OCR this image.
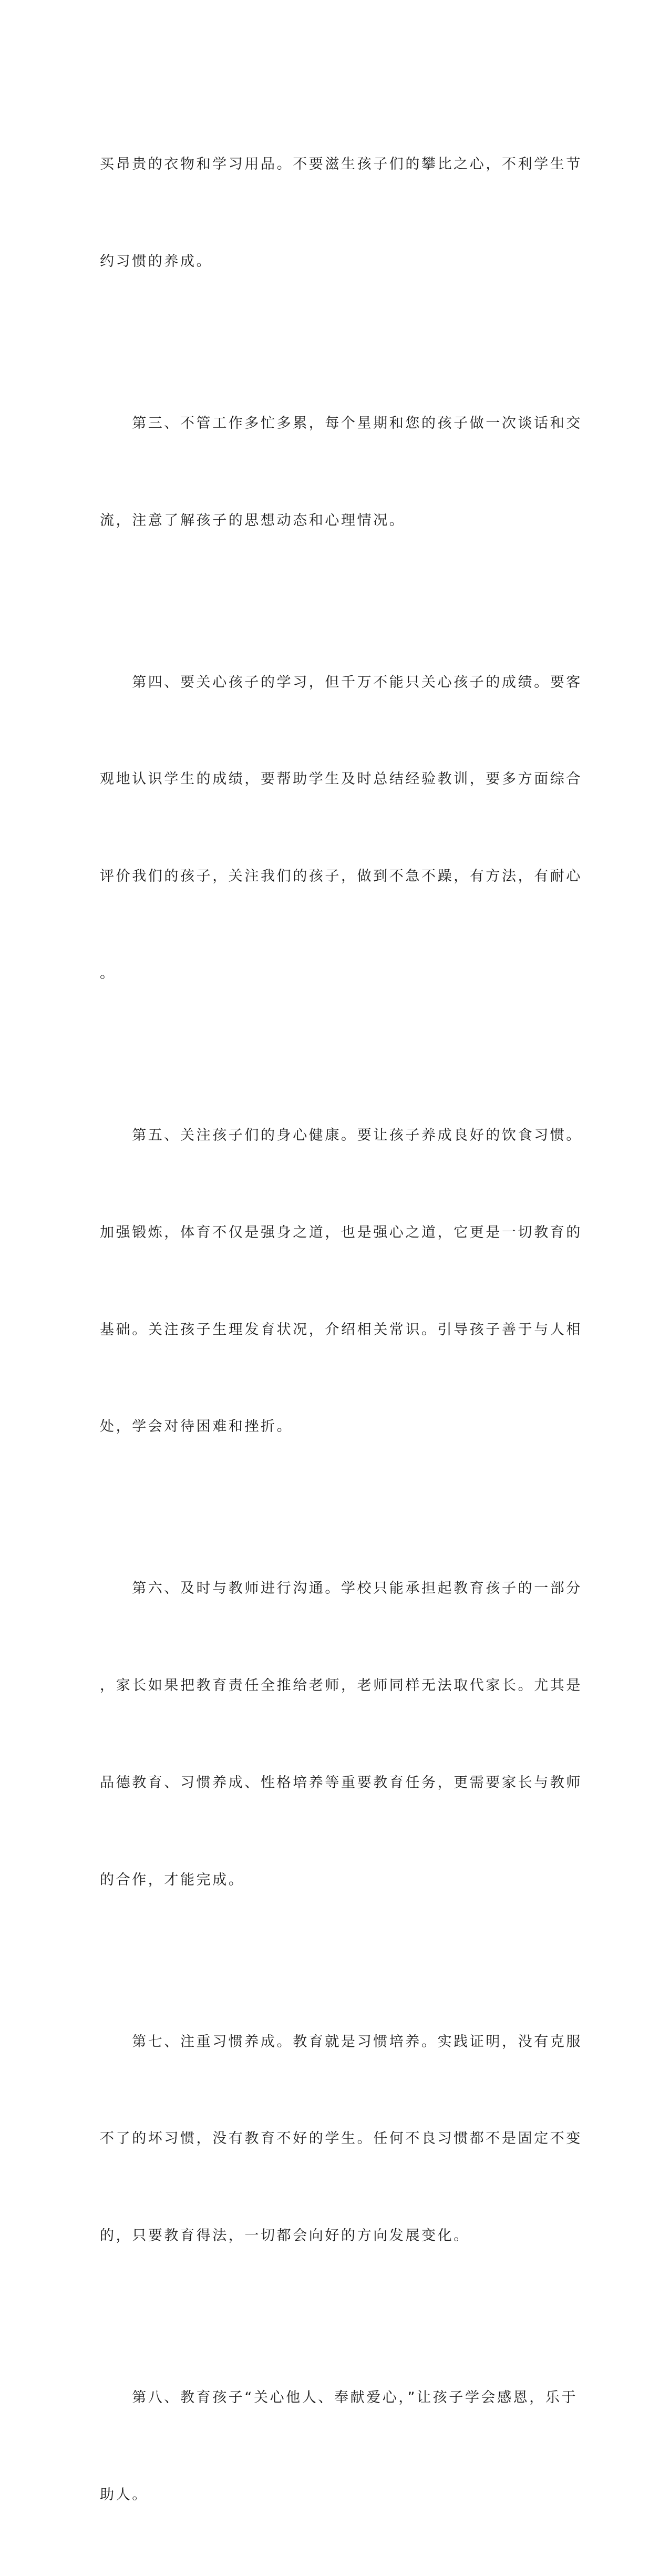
买昂贵的衣物和学习用品。不要滋生孩子们的攀比之心，不利学生节

约习惯的养成。

　　第三、不管工作多忙多累，每个星期和您的孩子做一次谈话和交

流，注意了解孩子的思想动态和心理情况。

　　第四、要关心孩子的学习，但千万不能只关心孩子的成绩。要客

观地认识学生的成绩，要帮助学生及时总结经验教训，要多方面综合

评价我们的孩子，关注我们的孩子，做到不急不躁，有方法，有耐心

。

　　第五、关注孩子们的身心健康。要让孩子养成良好的饮食习惯。

加强锻炼，体育不仅是强身之道，也是强心之道，它更是一切教育的

基础。关注孩子生理发育状况，介绍相关常识。引导孩子善于与人相

处，学会对待困难和挫折。

　　第六、及时与教师进行沟通。学校只能承担起教育孩子的一部分

，家长如果把教育责任全推给老师，老师同样无法取代家长。尤其是

品德教育、习惯养成、性格培养等重要教育任务，更需要家长与教师

的合作，才能完成。

　　第七、注重习惯养成。教育就是习惯培养。实践证明，没有克服

不了的坏习惯，没有教育不好的学生。任何不良习惯都不是固定不变

的，只要教育得法，一切都会向好的方向发展变化。

　　第八、教育孩子“关心他人、奉献爱心，”让孩子学会感恩，乐于

助人。
